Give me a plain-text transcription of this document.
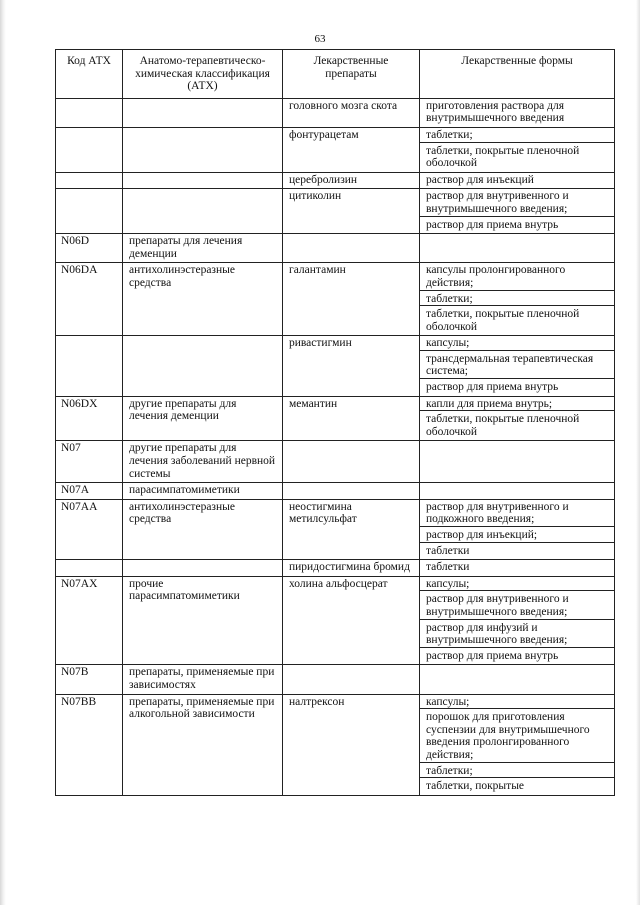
63
Код АТХ	Анатомо-терапевтическо-химическая классификация (АТХ)	Лекарственные препараты	Лекарственные формы
		головного мозга скота	приготовления раствора для внутримышечного введения

		фонтурацетам	таблетки;
таблетки, покрытые пленочной оболочкой

		церебролизин	раствор для инъекций

		цитиколин	раствор для внутривенного и внутримышечного введения;
раствор для приема внутрь

N06D	препараты для лечения деменции		

N06DA	антихолинэстеразные средства	галантамин	капсулы пролонгированного действия;
таблетки;
таблетки, покрытые пленочной оболочкой

		ривастигмин	капсулы;
трансдермальная терапевтическая система;
раствор для приема внутрь

N06DX	другие препараты для лечения деменции	мемантин	капли для приема внутрь;
таблетки, покрытые пленочной оболочкой

N07	другие препараты для лечения заболеваний нервной системы		

N07A	парасимпатомиметики		

N07AA	антихолинэстеразные средства	неостигмина метилсульфат	раствор для внутривенного и подкожного введения;
раствор для инъекций;
таблетки

		пиридостигмина бромид	таблетки

N07AX	прочие парасимпатомиметики	холина альфосцерат	капсулы;
раствор для внутривенного и внутримышечного введения;
раствор для инфузий и внутримышечного введения;
раствор для приема внутрь

N07B	препараты, применяемые при зависимостях		

N07BB	препараты, применяемые при алкогольной зависимости	налтрексон	капсулы;
порошок для приготовления суспензии для внутримышечного введения пролонгированного действия;
таблетки;
таблетки, покрытые
